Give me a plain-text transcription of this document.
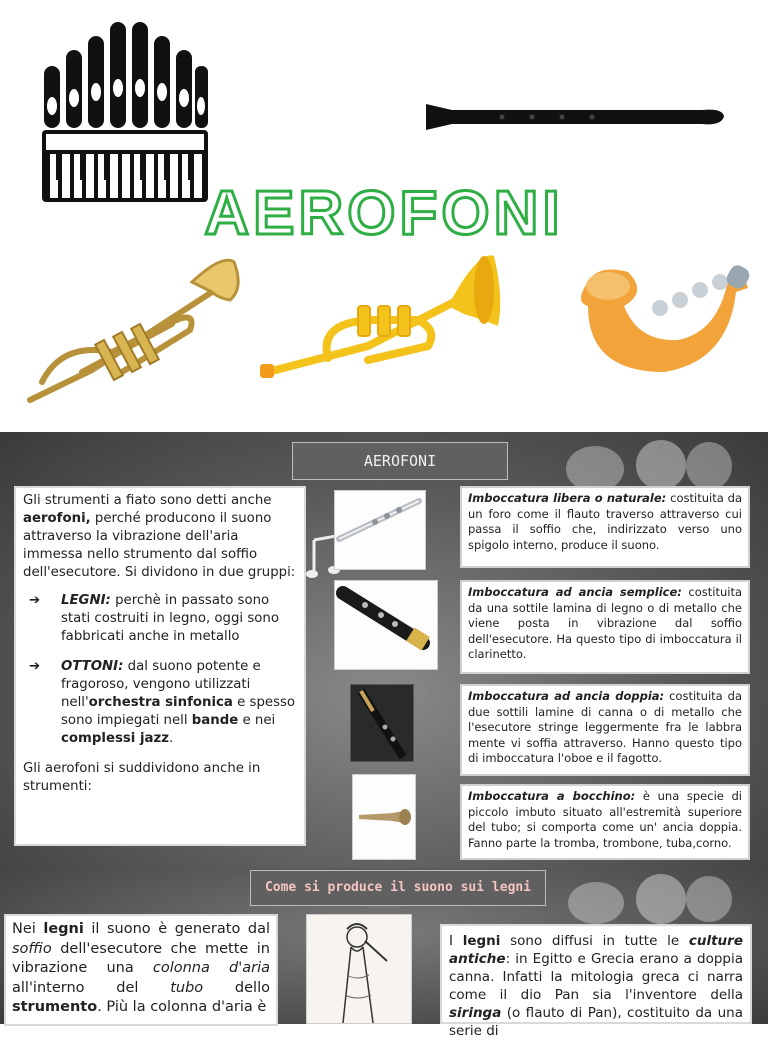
AEROFONI
AEROFONI
Gli strumenti a fiato sono detti anche aerofoni, perché producono il suono attraverso la vibrazione dell'aria immessa nello strumento dal soffio dell'esecutore. Si dividono in due gruppi:
➔ LEGNI: perchè in passato sono stati costruiti in legno, oggi sono fabbricati anche in metallo
➔ OTTONI: dal suono potente e fragoroso, vengono utilizzati nell'orchestra sinfonica e spesso sono impiegati nell bande e nei complessi jazz.
Gli aerofoni si suddividono anche in strumenti:
Imboccatura libera o naturale: costituita da un foro come il flauto traverso attraverso cui passa il soffio che, indirizzato verso uno spigolo interno, produce il suono.
Imboccatura ad ancia semplice: costituita da una sottile lamina di legno o di metallo che viene posta in vibrazione dal soffio dell'esecutore. Ha questo tipo di imboccatura il clarinetto.
Imboccatura ad ancia doppia: costituita da due sottili lamine di canna o di metallo che l'esecutore stringe leggermente fra le labbra mente vi soffia attraverso. Hanno questo tipo di imboccatura l'oboe e il fagotto.
Imboccatura a bocchino: è una specie di piccolo imbuto situato all'estremità superiore del tubo; si comporta come un' ancia doppia. Fanno parte la tromba, trombone, tuba,corno.
Come si produce il suono sui legni
Nei legni il suono è generato dal soffio dell'esecutore che mette in vibrazione una colonna d'aria all'interno del tubo dello strumento. Più la colonna d'aria è
I legni sono diffusi in tutte le culture antiche: in Egitto e Grecia erano a doppia canna. Infatti la mitologia greca ci narra come il dio Pan sia l'inventore della siringa (o flauto di Pan), costituito da una serie di
